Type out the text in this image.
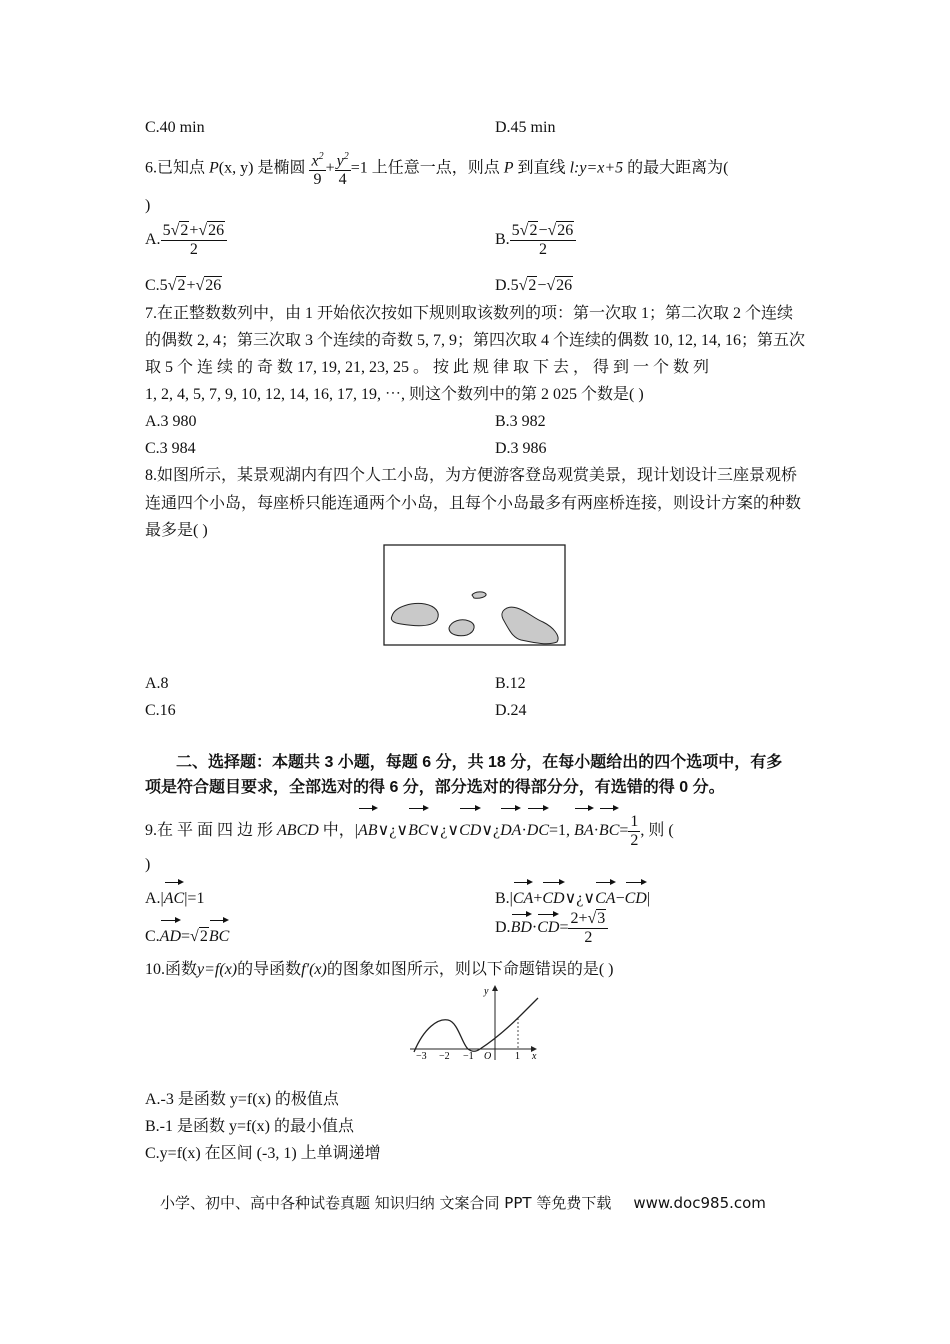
C.40 min	D.45 min
6.已知点 P(x, y) 是椭圆 $\frac{x^2}{9} + \frac{y^2}{4} =1$ 上任意一点，则点 P 到直线 l:y=x+5 的最大距离为(
)
A. $\frac{5√2+√26}{2}$	B. $\frac{5√2-√26}{2}$
C.5√2+√26	D.5√2−√26
7.在正整数数列中，由 1 开始依次按如下规则取该数列的项：第一次取 1；第二次取 2 个连续
的偶数 2, 4；第三次取 3 个连续的奇数 5, 7, 9；第四次取 4 个连续的偶数 10, 12, 14, 16；第五次
取 5 个 连 续 的 奇 数 17, 19, 21, 23, 25 。 按 此 规 律 取 下 去 ， 得 到 一 个 数 列
1, 2, 4, 5, 7, 9, 10, 12, 14, 16, 17, 19, ⋯, 则这个数列中的第 2 025 个数是( )
A.3 980	B.3 982
C.3 984	D.3 986
8.如图所示，某景观湖内有四个人工小岛，为方便游客登岛观赏美景，现计划设计三座景观桥
连通四个小岛，每座桥只能连通两个小岛，且每个小岛最多有两座桥连接，则设计方案的种数
最多是( )
A.8	B.12
C.16	D.24
二、选择题：本题共 3 小题，每题 6 分，共 18 分，在每小题给出的四个选项中，有多
项是符合题目要求，全部选对的得 6 分，部分选对的得部分分，有选错的得 0 分。
9.在 平 面 四 边 形 ABCD 中，|AB∨¿∨BC∨¿∨CD∨¿DA·DC=1, $BA\cdot BC= \frac{1}{2}$ , 则 (
)
A.|AC|=1	B.|CA+CD∨¿∨CA−CD|
C.AD=√2BC
$D.BD\cdot CD= \frac{2+√3}{2}$
10.函数y=f(x)的导函数f′(x)的图象如图所示，则以下命题错误的是( )
y
x
−3 −2 −1 O 1
A.-3 是函数 y=f(x) 的极值点
B.-1 是函数 y=f(x) 的最小值点
C.y=f(x) 在区间 (-3, 1) 上单调递增
小学、初中、高中各种试卷真题 知识归纳 文案合同 PPT 等免费下载 www.doc985.com
